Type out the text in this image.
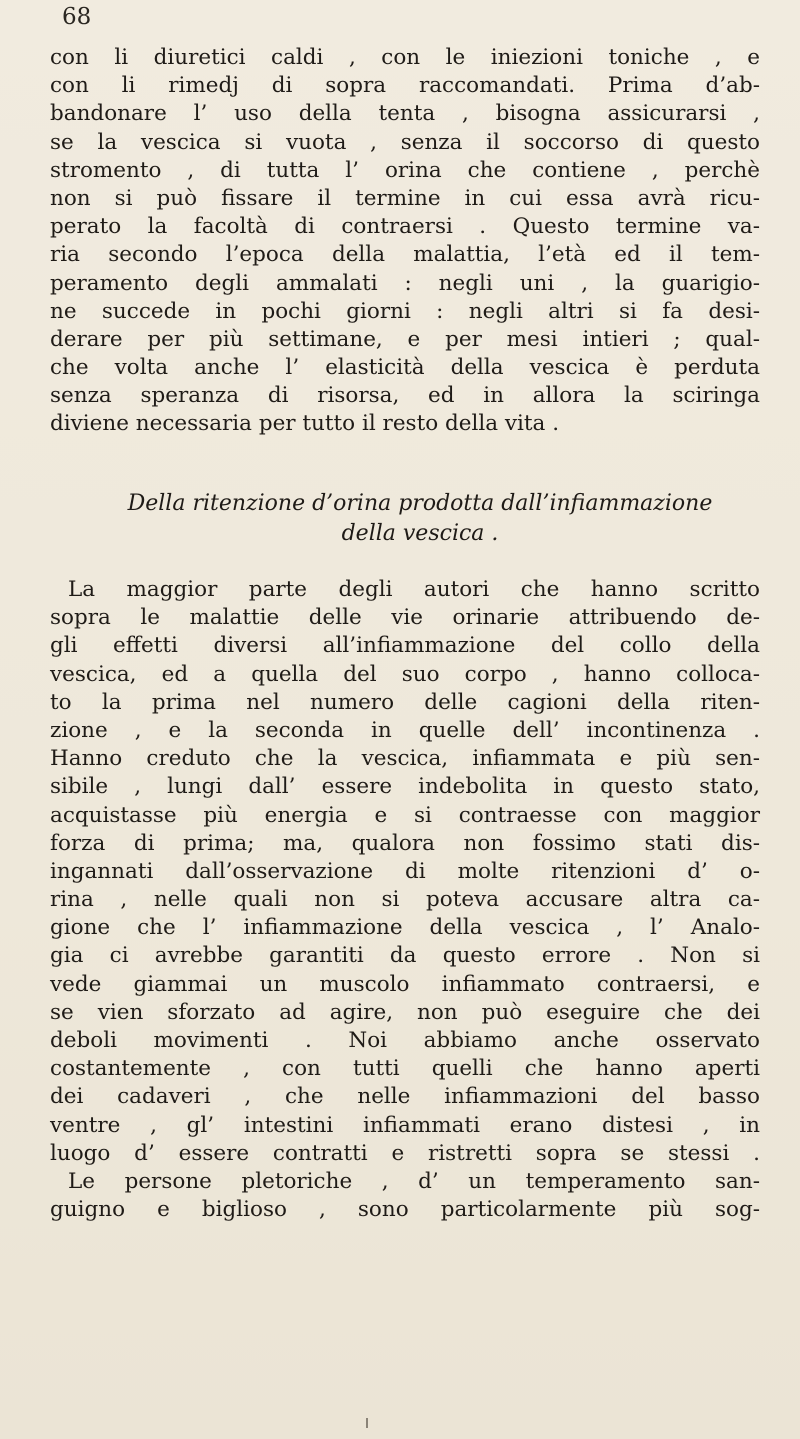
68

con li diuretici caldi , con le iniezioni toniche , e

con li rimedj di sopra raccomandati. Prima d’ab-

bandonare l’ uso della tenta , bisogna assicurarsi ,

se la vescica si vuota , senza il soccorso di questo

stromento , di tutta l’ orina che contiene , perchè

non si può fissare il termine in cui essa avrà ricu-

perato la facoltà di contraersi . Questo termine va-

ria secondo l’epoca della malattia, l’età ed il tem-

peramento degli ammalati : negli uni , la guarigio-

ne succede in pochi giorni : negli altri si fa desi-

derare per più settimane, e per mesi intieri ; qual-

che volta anche l’ elasticità della vescica è perduta

senza speranza di risorsa, ed in allora la sciringa

diviene necessaria per tutto il resto della vita .

Della ritenzione d’orina prodotta dall’infiammazione

della vescica .

La maggior parte degli autori che hanno scritto

sopra le malattie delle vie orinarie attribuendo de-

gli effetti diversi all’infiammazione del collo della

vescica, ed a quella del suo corpo , hanno colloca-

to la prima nel numero delle cagioni della riten-

zione , e la seconda in quelle dell’ incontinenza .

Hanno creduto che la vescica, infiammata e più sen-

sibile , lungi dall’ essere indebolita in questo stato,

acquistasse più energia e si contraesse con maggior

forza di prima; ma, qualora non fossimo stati dis-

ingannati dall’osservazione di molte ritenzioni d’ o-

rina , nelle quali non si poteva accusare altra ca-

gione che l’ infiammazione della vescica , l’ Analo-

gia ci avrebbe garantiti da questo errore . Non si

vede giammai un muscolo infiammato contraersi, e

se vien sforzato ad agire, non può eseguire che dei

deboli movimenti . Noi abbiamo anche osservato

costantemente , con tutti quelli che hanno aperti

dei cadaveri , che nelle infiammazioni del basso

ventre , gl’ intestini infiammati erano distesi , in

luogo d’ essere contratti e ristretti sopra se stessi .

Le persone pletoriche , d’ un temperamento san-

guigno e biglioso , sono particolarmente più sog-
